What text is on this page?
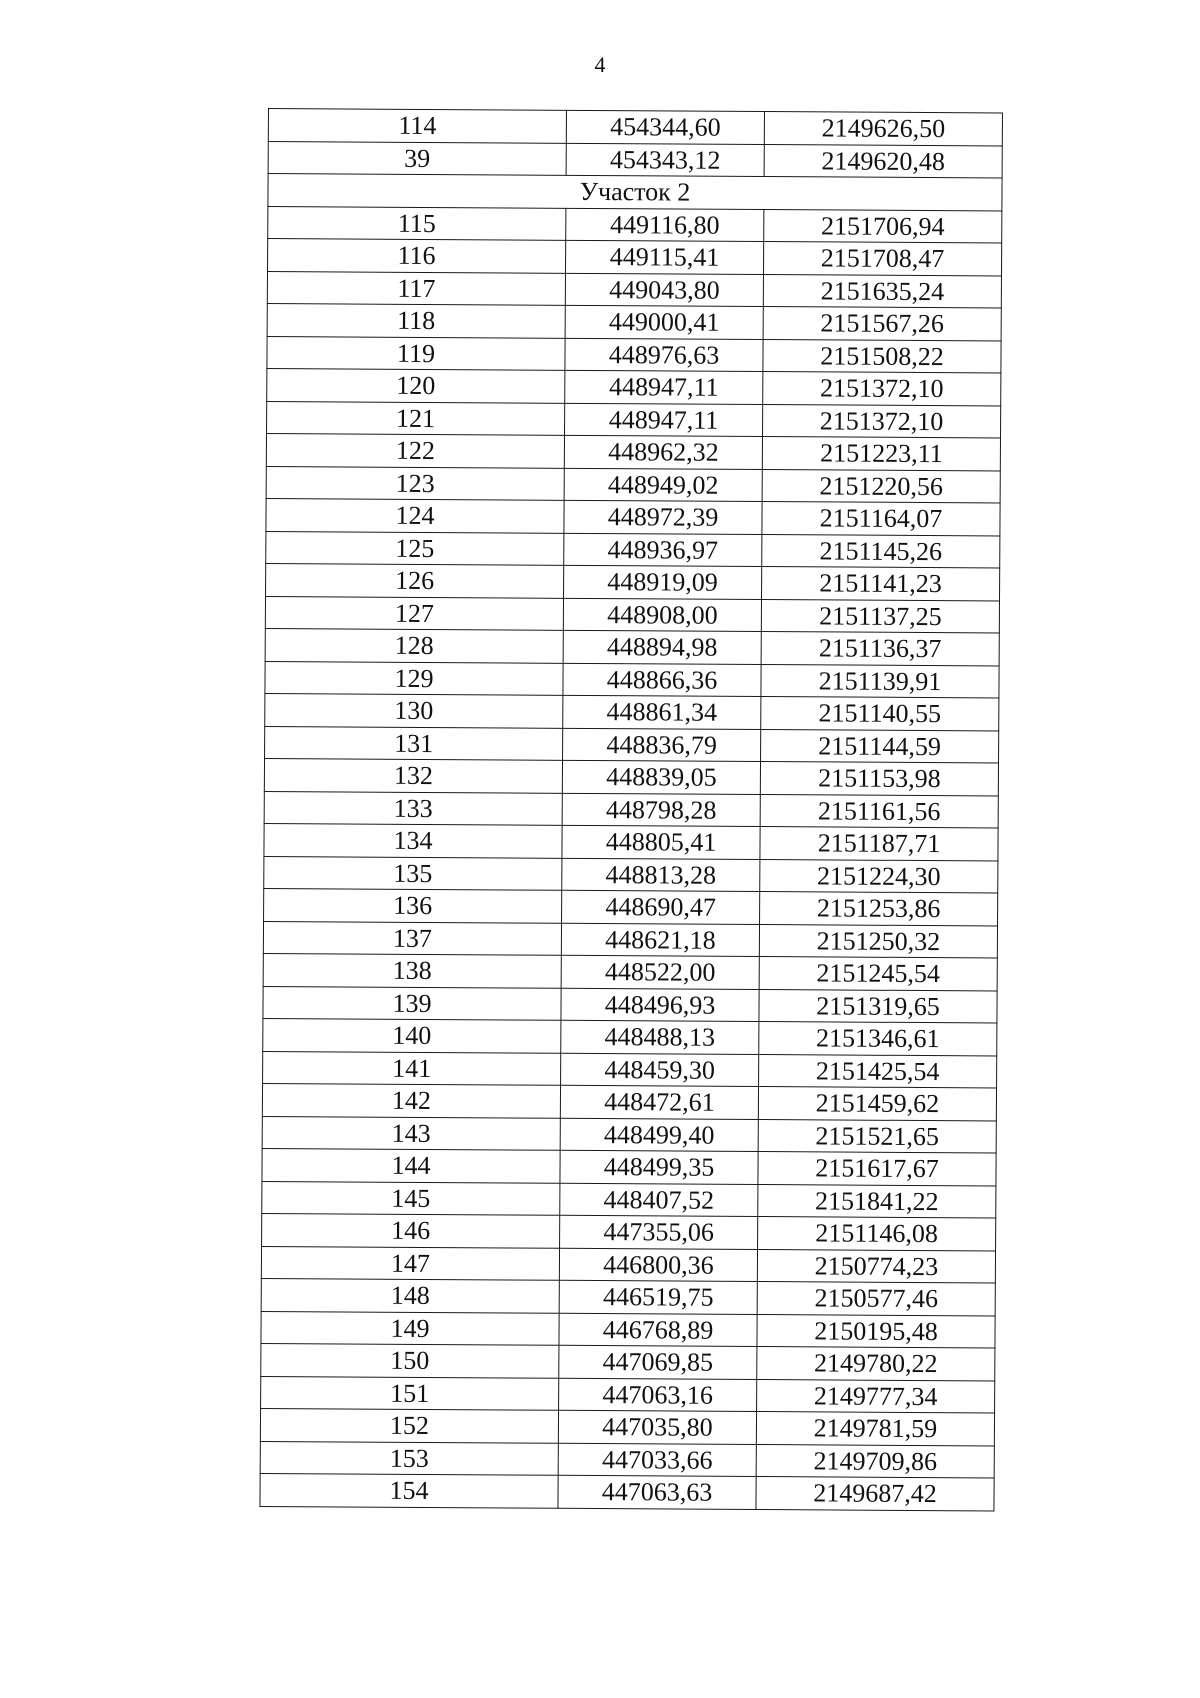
4
114	454344,60	2149626,50
39	454343,12	2149620,48
Участок 2		
115	449116,80	2151706,94
116	449115,41	2151708,47
117	449043,80	2151635,24
118	449000,41	2151567,26
119	448976,63	2151508,22
120	448947,11	2151372,10
121	448947,11	2151372,10
122	448962,32	2151223,11
123	448949,02	2151220,56
124	448972,39	2151164,07
125	448936,97	2151145,26
126	448919,09	2151141,23
127	448908,00	2151137,25
128	448894,98	2151136,37
129	448866,36	2151139,91
130	448861,34	2151140,55
131	448836,79	2151144,59
132	448839,05	2151153,98
133	448798,28	2151161,56
134	448805,41	2151187,71
135	448813,28	2151224,30
136	448690,47	2151253,86
137	448621,18	2151250,32
138	448522,00	2151245,54
139	448496,93	2151319,65
140	448488,13	2151346,61
141	448459,30	2151425,54
142	448472,61	2151459,62
143	448499,40	2151521,65
144	448499,35	2151617,67
145	448407,52	2151841,22
146	447355,06	2151146,08
147	446800,36	2150774,23
148	446519,75	2150577,46
149	446768,89	2150195,48
150	447069,85	2149780,22
151	447063,16	2149777,34
152	447035,80	2149781,59
153	447033,66	2149709,86
154	447063,63	2149687,42
